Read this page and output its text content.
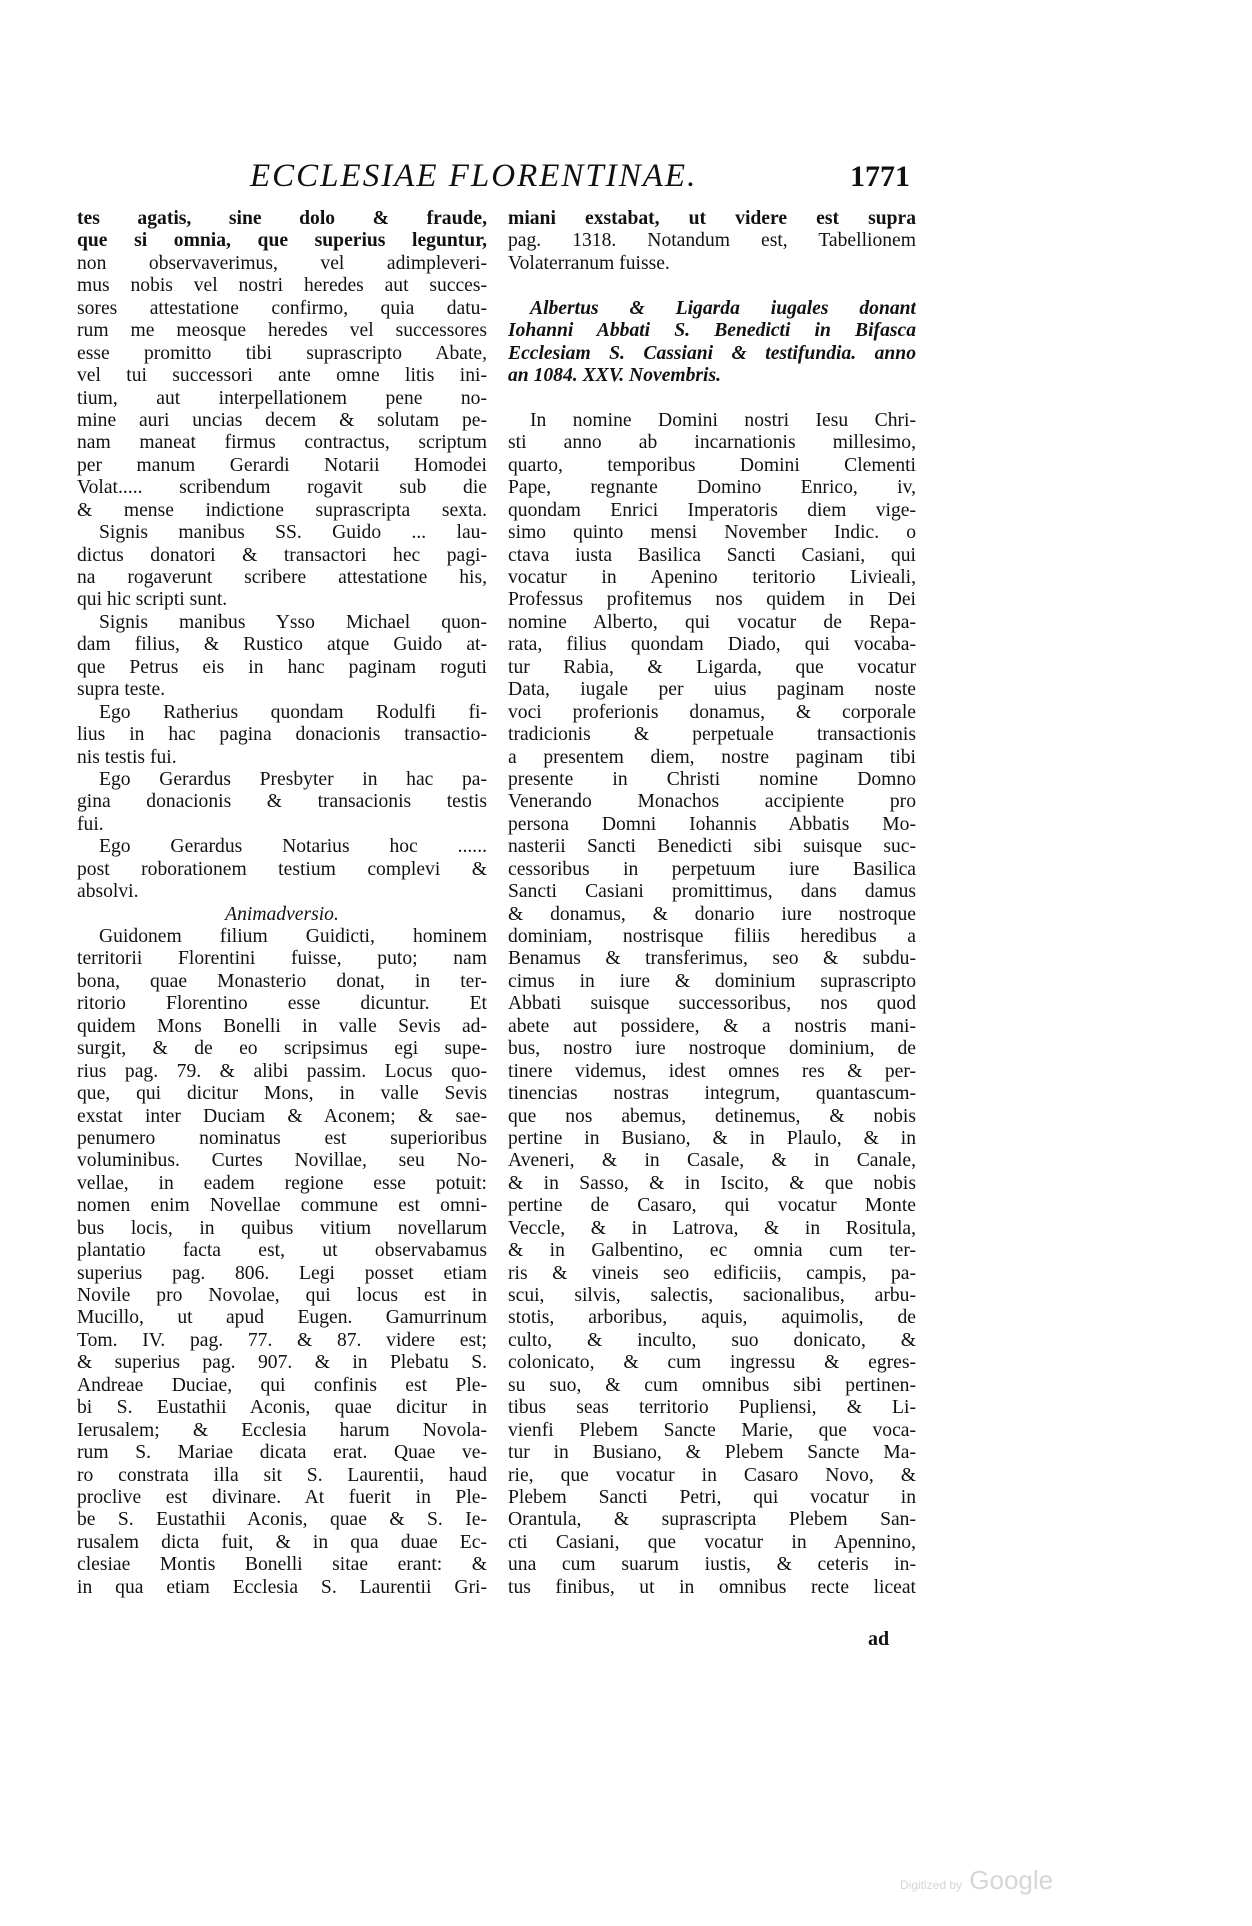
ECCLESIAE FLORENTINAE.	1771
tes agatis, sine dolo & fraude,
que si omnia, que superius leguntur,
non observaverimus, vel adimpleveri-
mus nobis vel nostri heredes aut succes-
sores attestatione confirmo, quia datu-
rum me meosque heredes vel successores
esse promitto tibi suprascripto Abate,
vel tui successori ante omne litis ini-
tium, aut interpellationem pene no-
mine auri uncias decem & solutam pe-
nam maneat firmus contractus, scriptum
per manum Gerardi Notarii Homodei
Volat..... scribendum rogavit sub die
& mense indictione suprascripta sexta.
Signis manibus SS. Guido ... lau-
dictus donatori & transactori hec pagi-
na rogaverunt scribere attestatione his,
qui hic scripti sunt.
Signis manibus Ysso Michael quon-
dam filius, & Rustico atque Guido at-
que Petrus eis in hanc paginam roguti
supra teste.
Ego Ratherius quondam Rodulfi fi-
lius in hac pagina donacionis transactio-
nis testis fui.
Ego Gerardus Presbyter in hac pa-
gina donacionis & transacionis testis
fui.
Ego Gerardus Notarius hoc ......
post roborationem testium complevi &
absolvi.
Animadversio.
Guidonem filium Guidicti, hominem
territorii Florentini fuisse, puto; nam
bona, quae Monasterio donat, in ter-
ritorio Florentino esse dicuntur. Et
quidem Mons Bonelli in valle Sevis ad-
surgit, & de eo scripsimus egi supe-
rius pag. 79. & alibi passim. Locus quo-
que, qui dicitur Mons, in valle Sevis
exstat inter Duciam & Aconem; & sae-
penumero nominatus est superioribus
voluminibus. Curtes Novillae, seu No-
vellae, in eadem regione esse potuit:
nomen enim Novellae commune est omni-
bus locis, in quibus vitium novellarum
plantatio facta est, ut observabamus
superius pag. 806. Legi posset etiam
Novile pro Novolae, qui locus est in
Mucillo, ut apud Eugen. Gamurrinum
Tom. IV. pag. 77. & 87. videre est;
& superius pag. 907. & in Plebatu S.
Andreae Duciae, qui confinis est Ple-
bi S. Eustathii Aconis, quae dicitur in
Ierusalem; & Ecclesia harum Novola-
rum S. Mariae dicata erat. Quae ve-
ro constrata illa sit S. Laurentii, haud
proclive est divinare. At fuerit in Ple-
be S. Eustathii Aconis, quae & S. Ie-
rusalem dicta fuit, & in qua duae Ec-
clesiae Montis Bonelli sitae erant: &
in qua etiam Ecclesia S. Laurentii Gri-
miani exstabat, ut videre est supra
pag. 1318. Notandum est, Tabellionem
Volaterranum fuisse.
Albertus & Ligarda iugales donant
Iohanni Abbati S. Benedicti in Bifasca
Ecclesiam S. Cassiani & testifundia. anno
an 1084. XXV. Novembris.
In nomine Domini nostri Iesu Chri-
sti anno ab incarnationis millesimo,
quarto, temporibus Domini Clementi
Pape, regnante Domino Enrico, iv,
quondam Enrici Imperatoris diem vige-
simo quinto mensi November Indic. o
ctava iusta Basilica Sancti Casiani, qui
vocatur in Apenino teritorio Livieali,
Professus profitemus nos quidem in Dei
nomine Alberto, qui vocatur de Repa-
rata, filius quondam Diado, qui vocaba-
tur Rabia, & Ligarda, que vocatur
Data, iugale per uius paginam noste
voci proferionis donamus, & corporale
tradicionis & perpetuale transactionis
a presentem diem, nostre paginam tibi
presente in Christi nomine Domno
Venerando Monachos accipiente pro
persona Domni Iohannis Abbatis Mo-
nasterii Sancti Benedicti sibi suisque suc-
cessoribus in perpetuum iure Basilica
Sancti Casiani promittimus, dans damus
& donamus, & donario iure nostroque
dominiam, nostrisque filiis heredibus a
Benamus & transferimus, seo & subdu-
cimus in iure & dominium suprascripto
Abbati suisque successoribus, nos quod
abete aut possidere, & a nostris mani-
bus, nostro iure nostroque dominium, de
tinere videmus, idest omnes res & per-
tinencias nostras integrum, quantascum-
que nos abemus, detinemus, & nobis
pertine in Busiano, & in Plaulo, & in
Aveneri, & in Casale, & in Canale,
& in Sasso, & in Iscito, & que nobis
pertine de Casaro, qui vocatur Monte
Veccle, & in Latrova, & in Rositula,
& in Galbentino, ec omnia cum ter-
ris & vineis seo edificiis, campis, pa-
scui, silvis, salectis, sacionalibus, arbu-
stotis, arboribus, aquis, aquimolis, de
culto, & inculto, suo donicato, &
colonicato, & cum ingressu & egres-
su suo, & cum omnibus sibi pertinen-
tibus seas territorio Pupliensi, & Li-
vienfi Plebem Sancte Marie, que voca-
tur in Busiano, & Plebem Sancte Ma-
rie, que vocatur in Casaro Novo, &
Plebem Sancti Petri, qui vocatur in
Orantula, & suprascripta Plebem San-
cti Casiani, que vocatur in Apennino,
una cum suarum iustis, & ceteris in-
tus finibus, ut in omnibus recte liceat
ad
Digitized by Google
